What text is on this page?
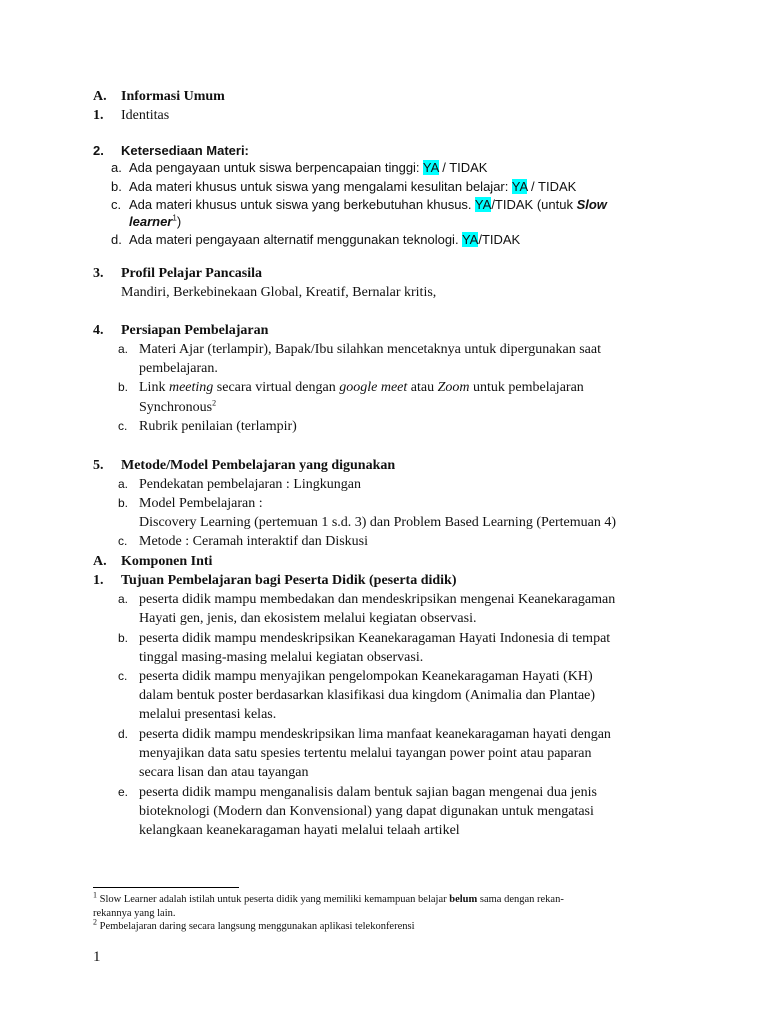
A. Informasi Umum
1. Identitas
2. Ketersediaan Materi:
a. Ada pengayaan untuk siswa berpencapaian tinggi: YA / TIDAK
b. Ada materi khusus untuk siswa yang mengalami kesulitan belajar: YA / TIDAK
c. Ada materi khusus untuk siswa yang berkebutuhan khusus. YA/TIDAK (untuk Slow
learner$^1$)
d. Ada materi pengayaan alternatif menggunakan teknologi. YA/TIDAK
3. Profil Pelajar Pancasila
Mandiri, Berkebinekaan Global, Kreatif, Bernalar kritis,
4. Persiapan Pembelajaran
a. Materi Ajar (terlampir), Bapak/Ibu silahkan mencetaknya untuk dipergunakan saat
pembelajaran.
b. Link meeting secara virtual dengan google meet atau Zoom untuk pembelajaran
Synchronous$^2$
c. Rubrik penilaian (terlampir)
5. Metode/Model Pembelajaran yang digunakan
a. Pendekatan pembelajaran : Lingkungan
b. Model Pembelajaran :
Discovery Learning (pertemuan 1 s.d. 3) dan Problem Based Learning (Pertemuan 4)
c. Metode : Ceramah interaktif dan Diskusi
A. Komponen Inti
1. Tujuan Pembelajaran bagi Peserta Didik (peserta didik)
a. peserta didik mampu membedakan dan mendeskripsikan mengenai Keanekaragaman
Hayati gen, jenis, dan ekosistem melalui kegiatan observasi.
b. peserta didik mampu mendeskripsikan Keanekaragaman Hayati Indonesia di tempat
tinggal masing-masing melalui kegiatan observasi.
c. peserta didik mampu menyajikan pengelompokan Keanekaragaman Hayati (KH)
dalam bentuk poster berdasarkan klasifikasi dua kingdom (Animalia dan Plantae)
melalui presentasi kelas.
d. peserta didik mampu mendeskripsikan lima manfaat keanekaragaman hayati dengan
menyajikan data satu spesies tertentu melalui tayangan power point atau paparan
secara lisan dan atau tayangan
e. peserta didik mampu menganalisis dalam bentuk sajian bagan mengenai dua jenis
bioteknologi (Modern dan Konvensional) yang dapat digunakan untuk mengatasi
kelangkaan keanekaragaman hayati melalui telaah artikel
$^1$ Slow Learner adalah istilah untuk peserta didik yang memiliki kemampuan belajar belum sama dengan rekan-
rekannya yang lain.
$^2$ Pembelajaran daring secara langsung menggunakan aplikasi telekonferensi
1
